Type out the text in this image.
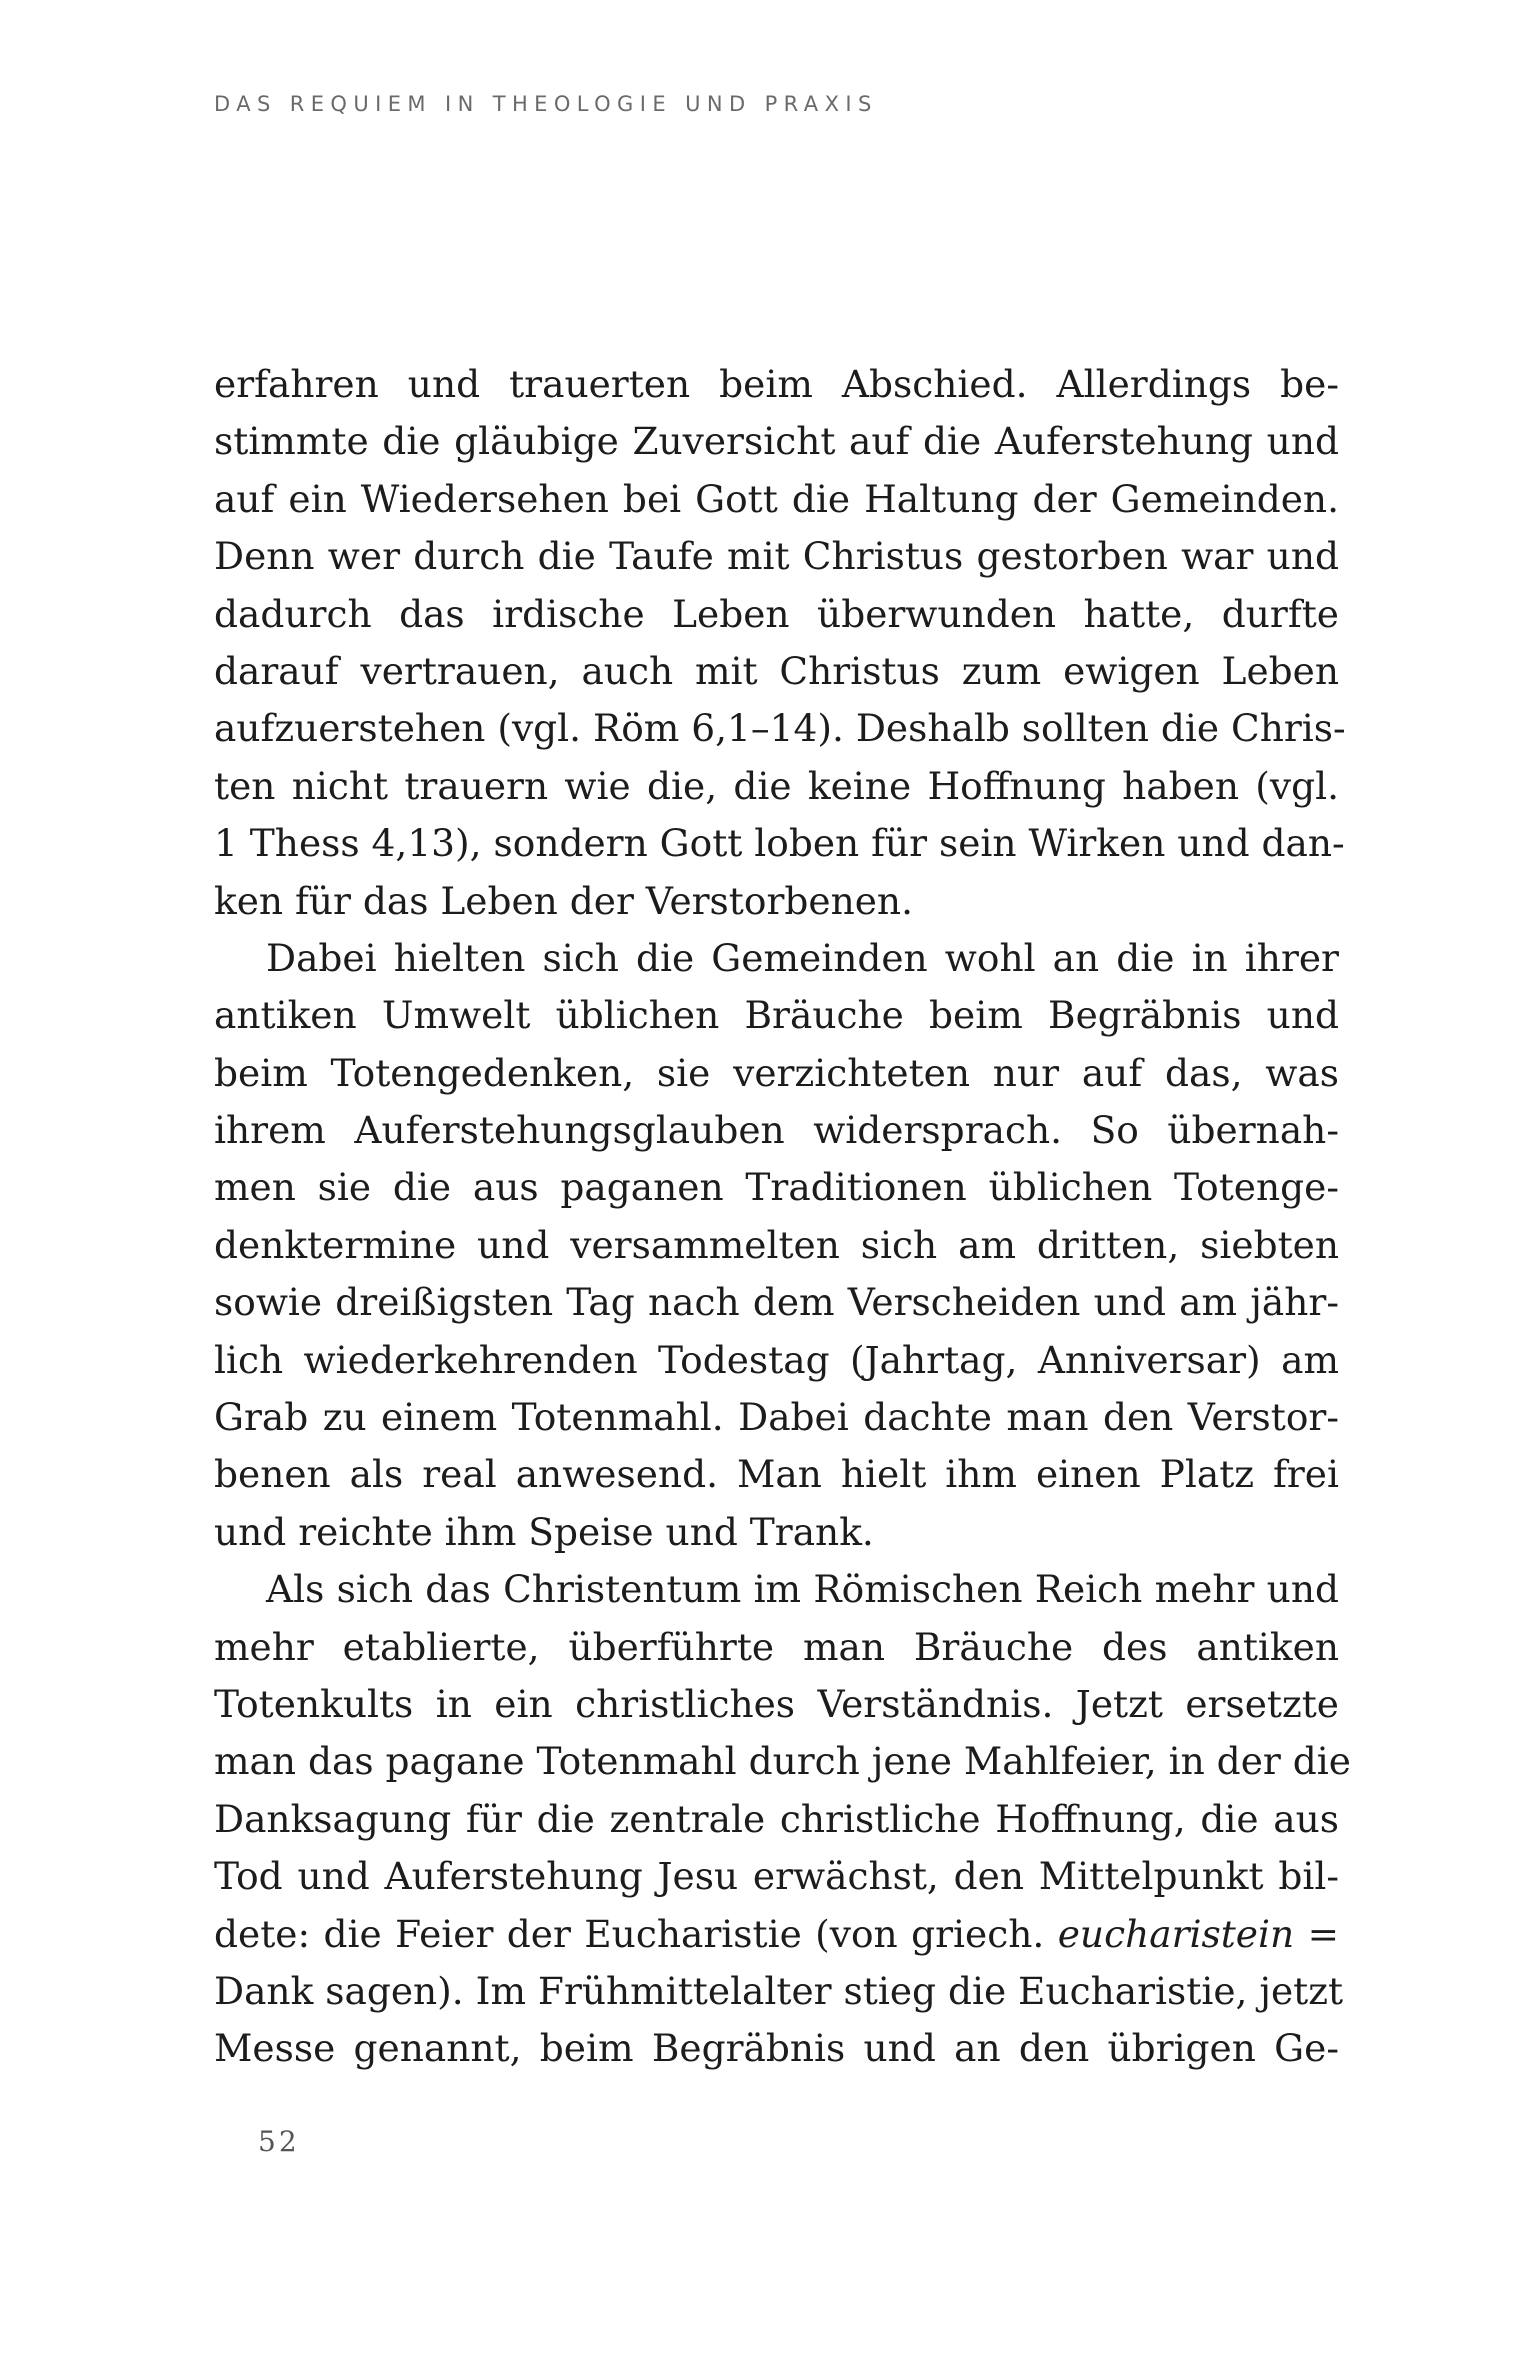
DAS REQUIEM IN THEOLOGIE UND PRAXIS
erfahren und trauerten beim Abschied. Allerdings be-
stimmte die gläubige Zuversicht auf die Auferstehung und
auf ein Wiedersehen bei Gott die Haltung der Gemeinden.
Denn wer durch die Taufe mit Christus gestorben war und
dadurch das irdische Leben überwunden hatte, durfte
darauf vertrauen, auch mit Christus zum ewigen Leben
aufzuerstehen (vgl. Röm 6,1–14). Deshalb sollten die Chris-
ten nicht trauern wie die, die keine Hoffnung haben (vgl.
1 Thess 4,13), sondern Gott loben für sein Wirken und dan-
ken für das Leben der Verstorbenen.
Dabei hielten sich die Gemeinden wohl an die in ihrer
antiken Umwelt üblichen Bräuche beim Begräbnis und
beim Totengedenken, sie verzichteten nur auf das, was
ihrem Auferstehungsglauben widersprach. So übernah-
men sie die aus paganen Traditionen üblichen Totenge-
denktermine und versammelten sich am dritten, siebten
sowie dreißigsten Tag nach dem Verscheiden und am jähr-
lich wiederkehrenden Todestag (Jahrtag, Anniversar) am
Grab zu einem Totenmahl. Dabei dachte man den Verstor-
benen als real anwesend. Man hielt ihm einen Platz frei
und reichte ihm Speise und Trank.
Als sich das Christentum im Römischen Reich mehr und
mehr etablierte, überführte man Bräuche des antiken
Totenkults in ein christliches Verständnis. Jetzt ersetzte
man das pagane Totenmahl durch jene Mahlfeier, in der die
Danksagung für die zentrale christliche Hoffnung, die aus
Tod und Auferstehung Jesu erwächst, den Mittelpunkt bil-
dete: die Feier der Eucharistie (von griech. eucharistein =
Dank sagen). Im Frühmittelalter stieg die Eucharistie, jetzt
Messe genannt, beim Begräbnis und an den übrigen Ge-
52
